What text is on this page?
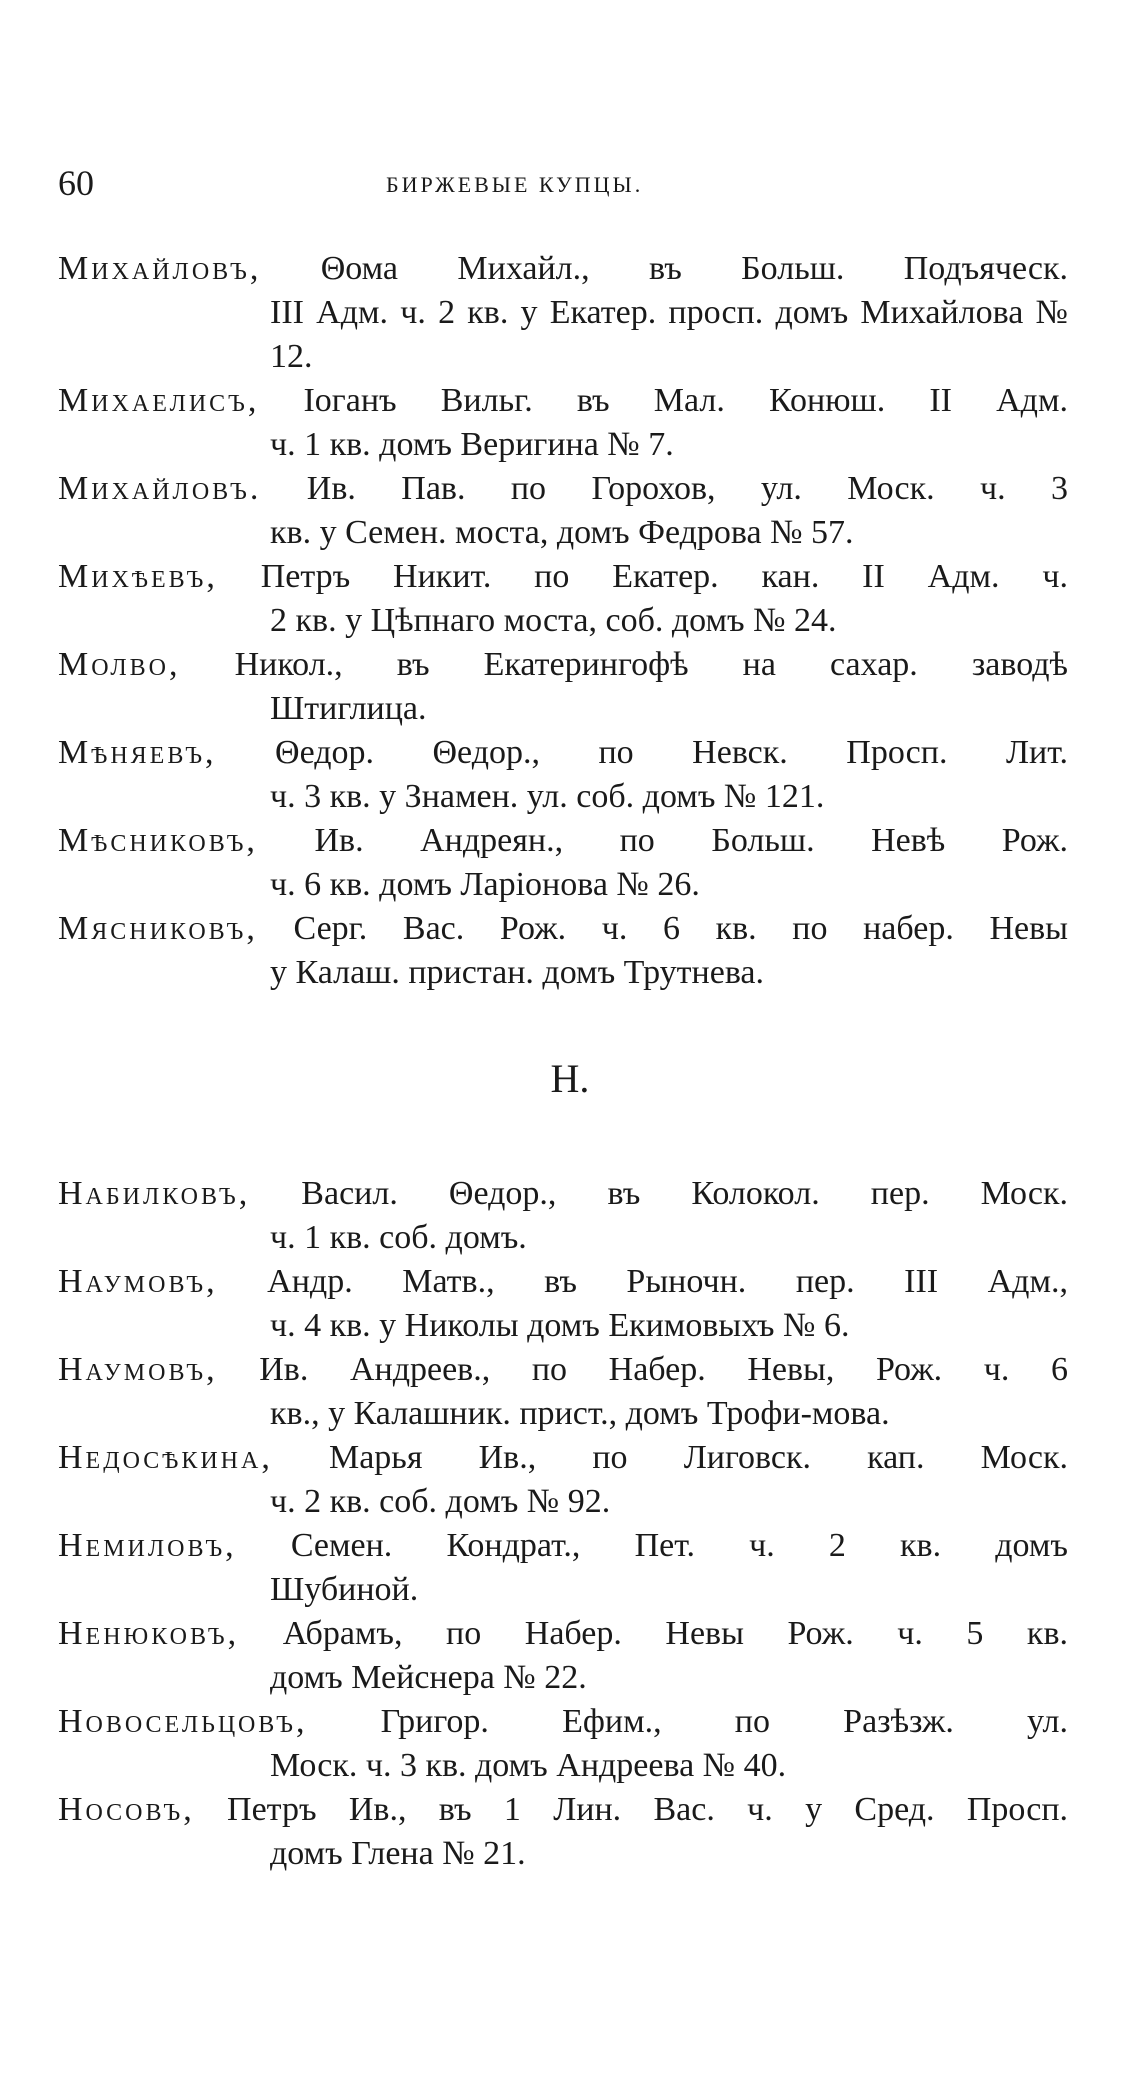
60	БИРЖЕВЫЕ КУПЦЫ.
Михайловъ, Θома Михайл., въ Больш. Подъяческ.
III Адм. ч. 2 кв. у Екатер. просп. домъ Михайлова № 12.
Михаелисъ, Іоганъ Вильг. въ Мал. Конюш. II Адм.
ч. 1 кв. домъ Веригина № 7.
Михайловъ. Ив. Пав. по Горохов, ул. Моск. ч. 3
кв. у Семен. моста, домъ Федрова № 57.
Михѣевъ, Петръ Никит. по Екатер. кан. II Адм. ч.
2 кв. у Цѣпнаго моста, соб. домъ № 24.
Молво, Никол., въ Екатерингофѣ на сахар. заводѣ
Штиглица.
Мѣняевъ, Θедор. Θедор., по Невск. Просп. Лит.
ч. 3 кв. у Знамен. ул. соб. домъ № 121.
Мѣсниковъ, Ив. Андреян., по Больш. Невѣ Рож.
ч. 6 кв. домъ Ларіонова № 26.
Мясниковъ, Серг. Вас. Рож. ч. 6 кв. по набер. Невы
у Калаш. пристан. домъ Трутнева.
Н.
Набилковъ, Васил. Θедор., въ Колокол. пер. Моск.
ч. 1 кв. соб. домъ.
Наумовъ, Андр. Матв., въ Рыночн. пер. III Адм.,
ч. 4 кв. у Николы домъ Екимовыхъ № 6.
Наумовъ, Ив. Андреев., по Набер. Невы, Рож. ч. 6
кв., у Калашник. прист., домъ Трофи-мова.
Недосѣкина, Марья Ив., по Лиговск. кап. Моск.
ч. 2 кв. соб. домъ № 92.
Немиловъ, Семен. Кондрат., Пет. ч. 2 кв. домъ
Шубиной.
Ненюковъ, Абрамъ, по Набер. Невы Рож. ч. 5 кв.
домъ Мейснера № 22.
Новосельцовъ, Григор. Ефим., по Разѣзж. ул.
Моск. ч. 3 кв. домъ Андреева № 40.
Носовъ, Петръ Ив., въ 1 Лин. Вас. ч. у Сред. Просп.
домъ Глена № 21.
